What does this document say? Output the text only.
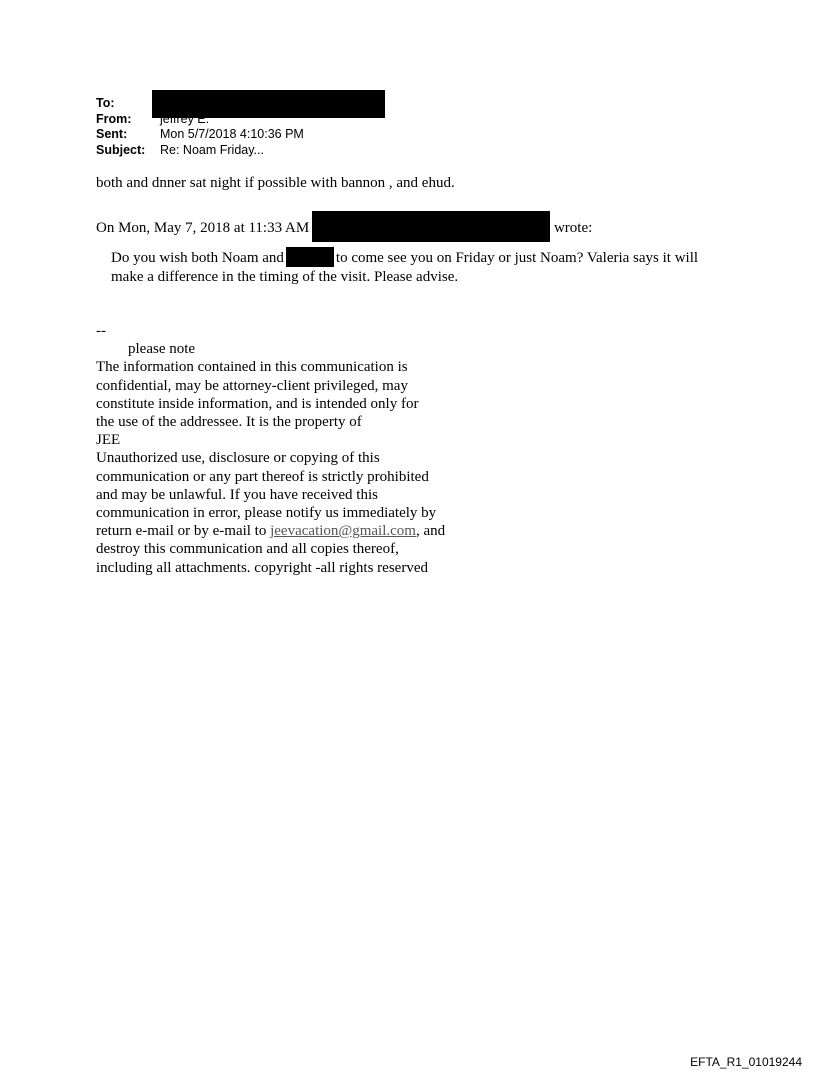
To:
From: jeffrey E.
Sent:	Mon 5/7/2018 4:10:36 PM
Subject: Re: Noam Friday...
both and dnner sat night if possible with bannon , and ehud.
On Mon, May 7, 2018 at 11:33 AM	wrote:
Do you wish both Noam and	to come see you on Friday or just Noam? Valeria says it will make a difference in the timing of the visit. Please advise.
--
please note
The information contained in this communication is
confidential, may be attorney-client privileged, may
constitute inside information, and is intended only for
the use of the addressee. It is the property of
JEE
Unauthorized use, disclosure or copying of this
communication or any part thereof is strictly prohibited
and may be unlawful. If you have received this
communication in error, please notify us immediately by
return e-mail or by e-mail to jeevacation@gmail.com, and
destroy this communication and all copies thereof,
including all attachments. copyright -all rights reserved
EFTA_R1_01019244
